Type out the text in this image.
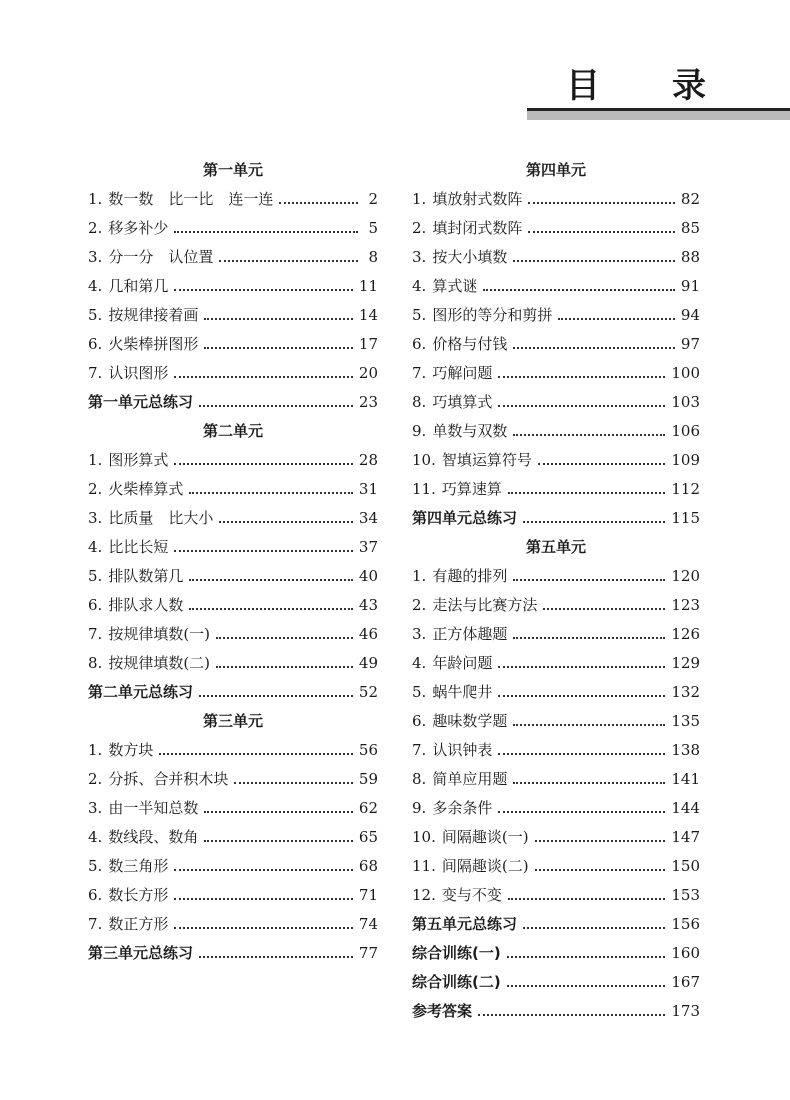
目 录
第一单元
1. 数一数　比一比　连一连	2
2. 移多补少	5
3. 分一分　认位置	8
4. 几和第几	11
5. 按规律接着画	14
6. 火柴棒拼图形	17
7. 认识图形	20
第一单元总练习	23
第二单元
1. 图形算式	28
2. 火柴棒算式	31
3. 比质量　比大小	34
4. 比比长短	37
5. 排队数第几	40
6. 排队求人数	43
7. 按规律填数(一)	46
8. 按规律填数(二)	49
第二单元总练习	52
第三单元
1. 数方块	56
2. 分拆、合并积木块	59
3. 由一半知总数	62
4. 数线段、数角	65
5. 数三角形	68
6. 数长方形	71
7. 数正方形	74
第三单元总练习	77
第四单元
1. 填放射式数阵	82
2. 填封闭式数阵	85
3. 按大小填数	88
4. 算式谜	91
5. 图形的等分和剪拼	94
6. 价格与付钱	97
7. 巧解问题	100
8. 巧填算式	103
9. 单数与双数	106
10. 智填运算符号	109
11. 巧算速算	112
第四单元总练习	115
第五单元
1. 有趣的排列	120
2. 走法与比赛方法	123
3. 正方体趣题	126
4. 年龄问题	129
5. 蜗牛爬井	132
6. 趣味数学题	135
7. 认识钟表	138
8. 简单应用题	141
9. 多余条件	144
10. 间隔趣谈(一)	147
11. 间隔趣谈(二)	150
12. 变与不变	153
第五单元总练习	156
综合训练(一)	160
综合训练(二)	167
参考答案	173
